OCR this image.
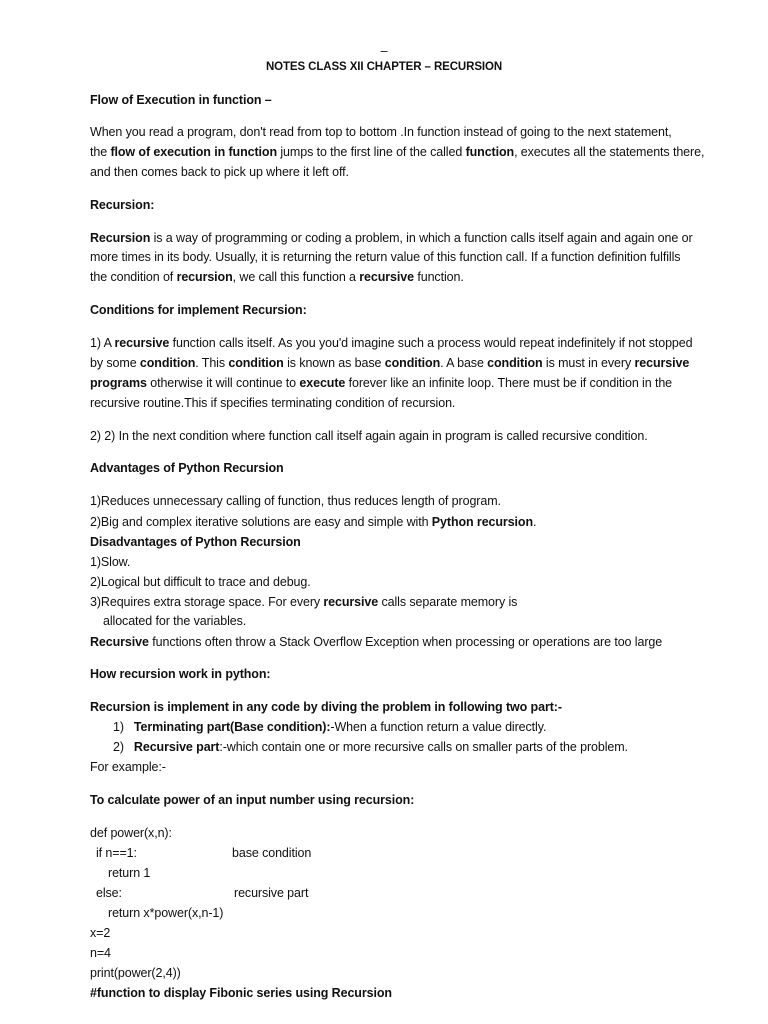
–
NOTES CLASS XII CHAPTER – RECURSION
Flow of Execution in function –
When you read a program, don't read from top to bottom .In function instead of going to the next statement,
the flow of execution in function jumps to the first line of the called function, executes all the statements there,
and then comes back to pick up where it left off.
Recursion:
Recursion is a way of programming or coding a problem, in which a function calls itself again and again one or
more times in its body. Usually, it is returning the return value of this function call. If a function definition fulfills
the condition of recursion, we call this function a recursive function.
Conditions for implement Recursion:
1) A recursive function calls itself. As you you'd imagine such a process would repeat indefinitely if not stopped
by some condition. This condition is known as base condition. A base condition is must in every recursive
programs otherwise it will continue to execute forever like an infinite loop. There must be if condition in the
recursive routine.This if specifies terminating condition of recursion.
2) 2) In the next condition where function call itself again again in program is called recursive condition.
Advantages of Python Recursion
1)Reduces unnecessary calling of function, thus reduces length of program.
2)Big and complex iterative solutions are easy and simple with Python recursion.
Disadvantages of Python Recursion
1)Slow.
2)Logical but difficult to trace and debug.
3)Requires extra storage space. For every recursive calls separate memory is
allocated for the variables.
Recursive functions often throw a Stack Overflow Exception when processing or operations are too large
How recursion work in python:
Recursion is implement in any code by diving the problem in following two part:-
1) Terminating part(Base condition):-When a function return a value directly.
2) Recursive part:-which contain one or more recursive calls on smaller parts of the problem.
For example:-
To calculate power of an input number using recursion:
def power(x,n):
if n==1:	base condition
return 1
else:	recursive part
return x*power(x,n-1)
x=2
n=4
print(power(2,4))
#function to display Fibonic series using Recursion
